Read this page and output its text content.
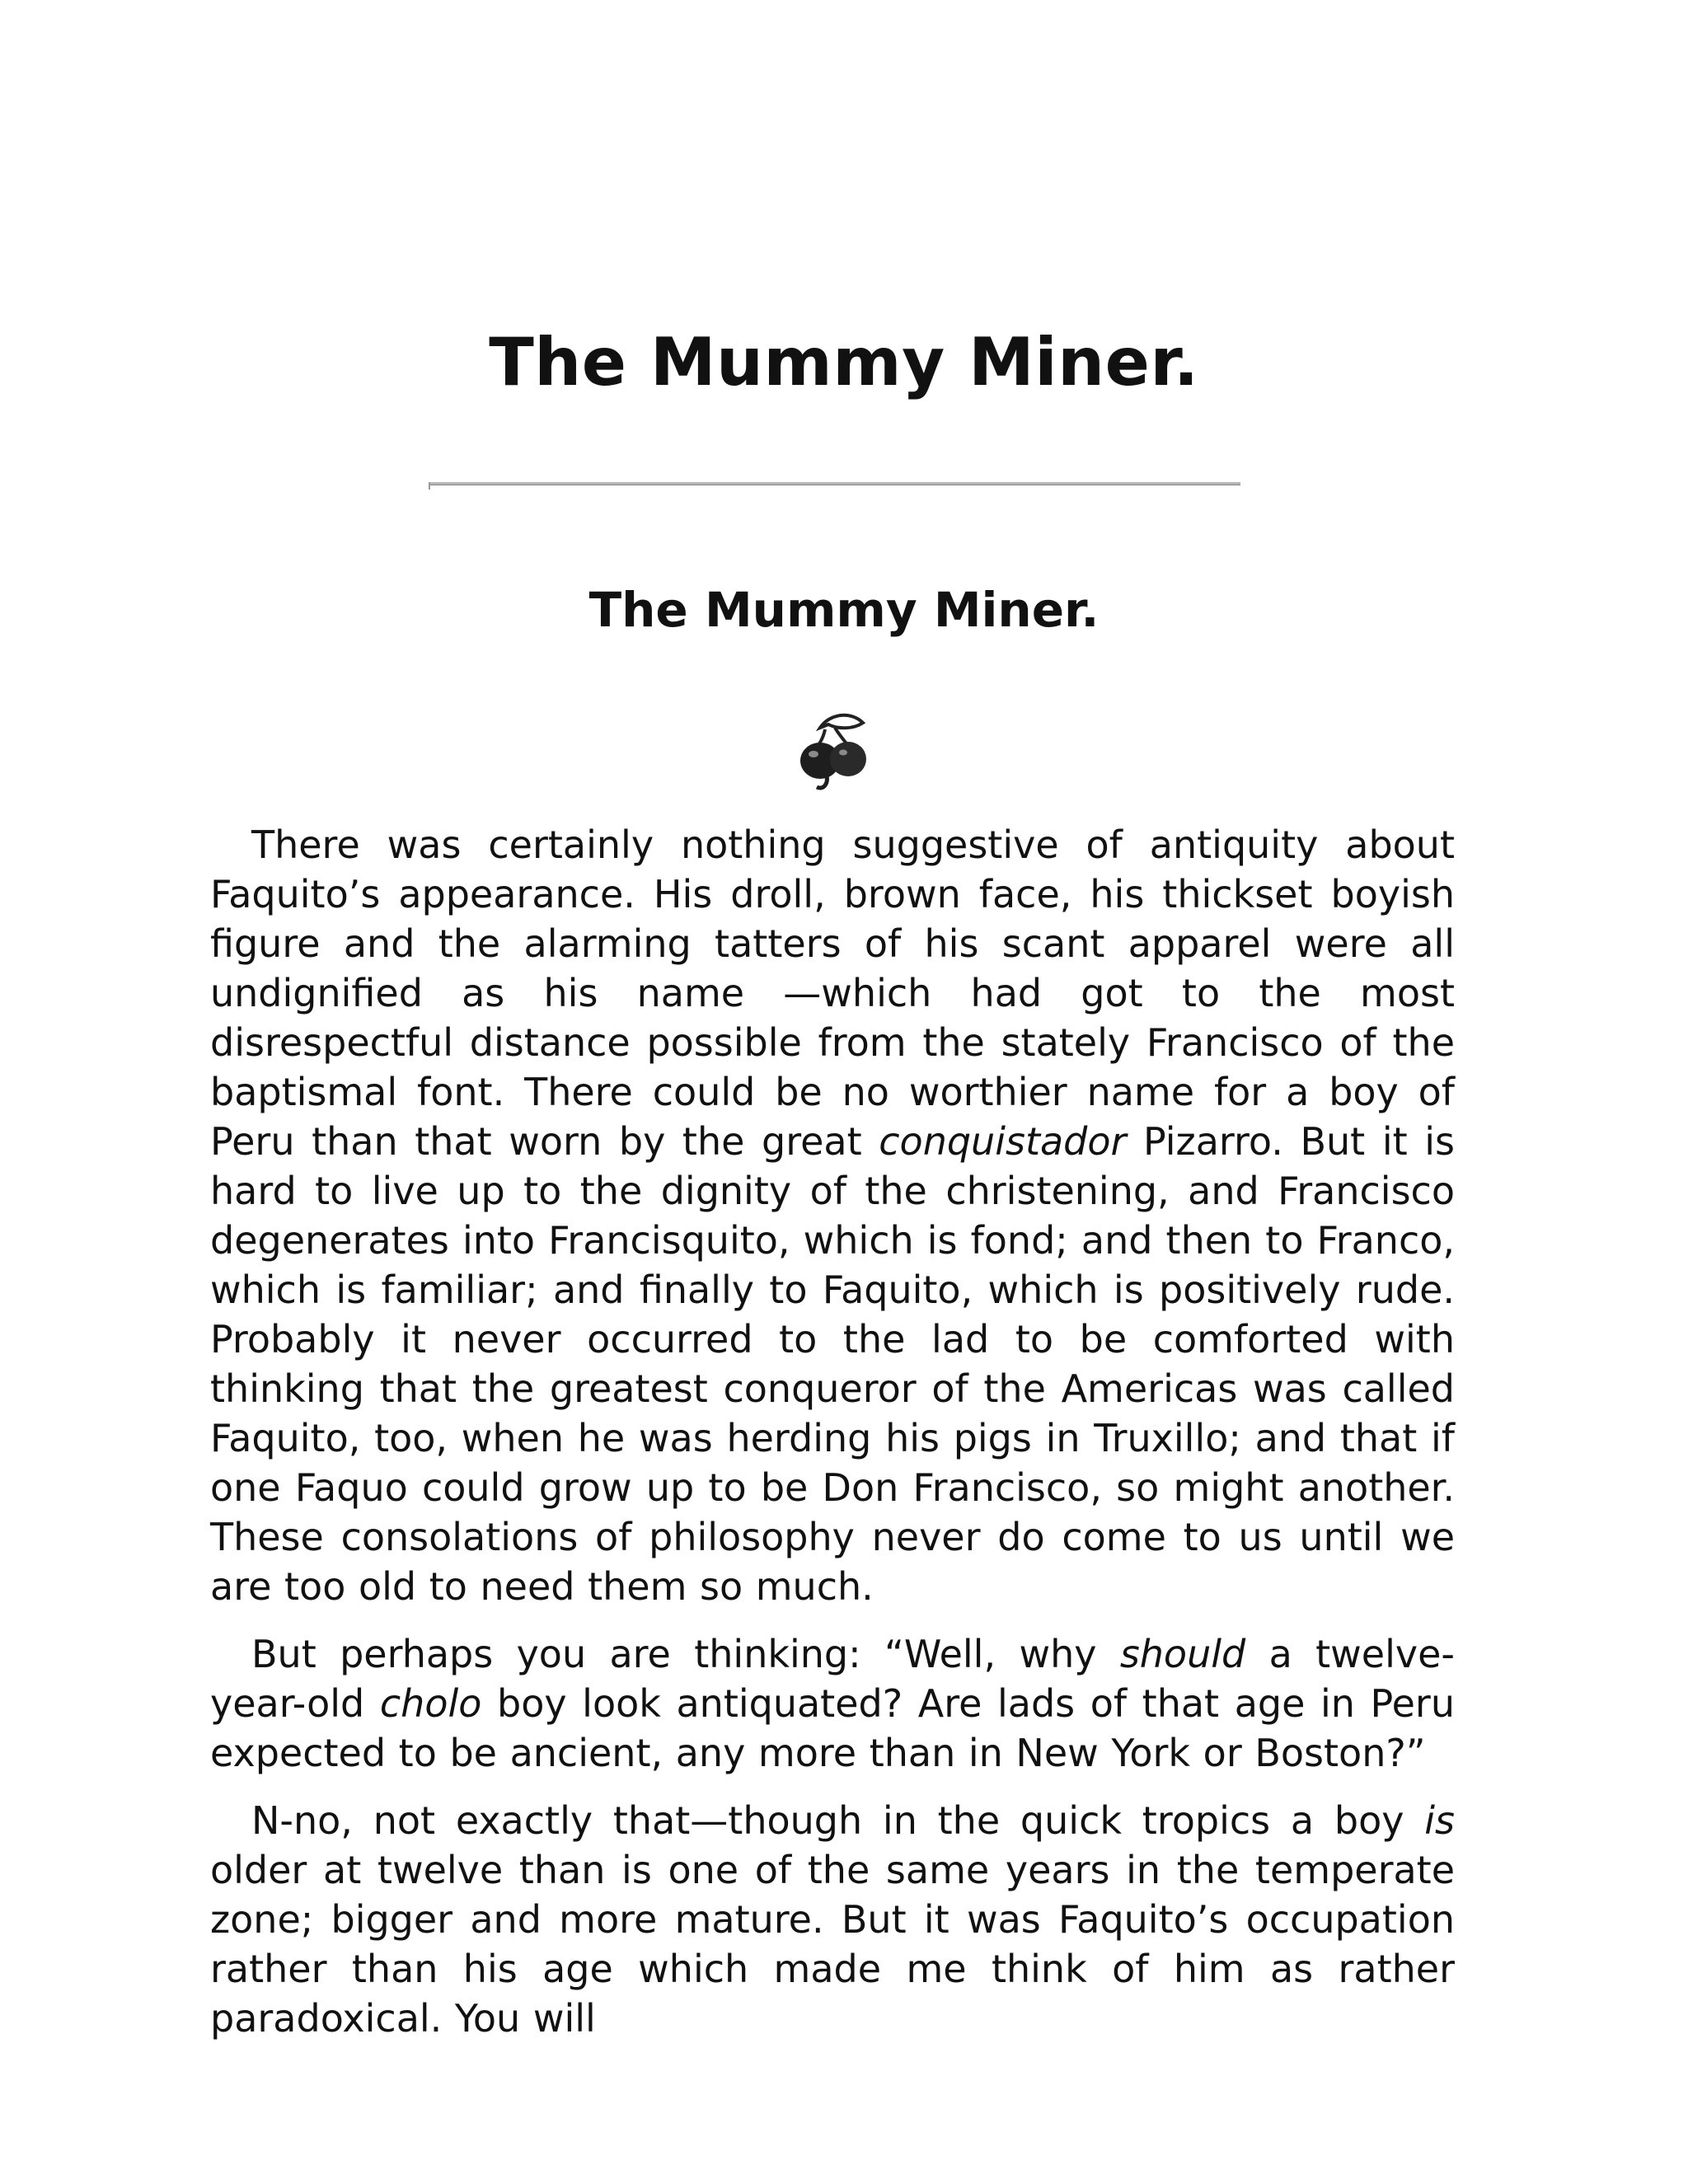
The Mummy Miner.
The Mummy Miner.

There was certainly nothing suggestive of antiquity about Faquito’s appearance. His droll, brown face, his thickset boyish figure and the alarming tatters of his scant apparel were all undignified as his name —which had got to the most disrespectful distance possible from the stately Francisco of the baptismal font. There could be no worthier name for a boy of Peru than that worn by the great conquistador Pizarro. But it is hard to live up to the dignity of the christening, and Francisco degenerates into Francisquito, which is fond; and then to Franco, which is familiar; and finally to Faquito, which is positively rude. Probably it never occurred to the lad to be comforted with thinking that the greatest conqueror of the Americas was called Faquito, too, when he was herding his pigs in Truxillo; and that if one Faquo could grow up to be Don Francisco, so might another. These consolations of philosophy never do come to us until we are too old to need them so much.

But perhaps you are thinking: “Well, why should a twelve-year-old cholo boy look antiquated? Are lads of that age in Peru expected to be ancient, any more than in New York or Boston?”

N-no, not exactly that—though in the quick tropics a boy is older at twelve than is one of the same years in the temperate zone; bigger and more mature. But it was Faquito’s occupation rather than his age which made me think of him as rather paradoxical. You will
